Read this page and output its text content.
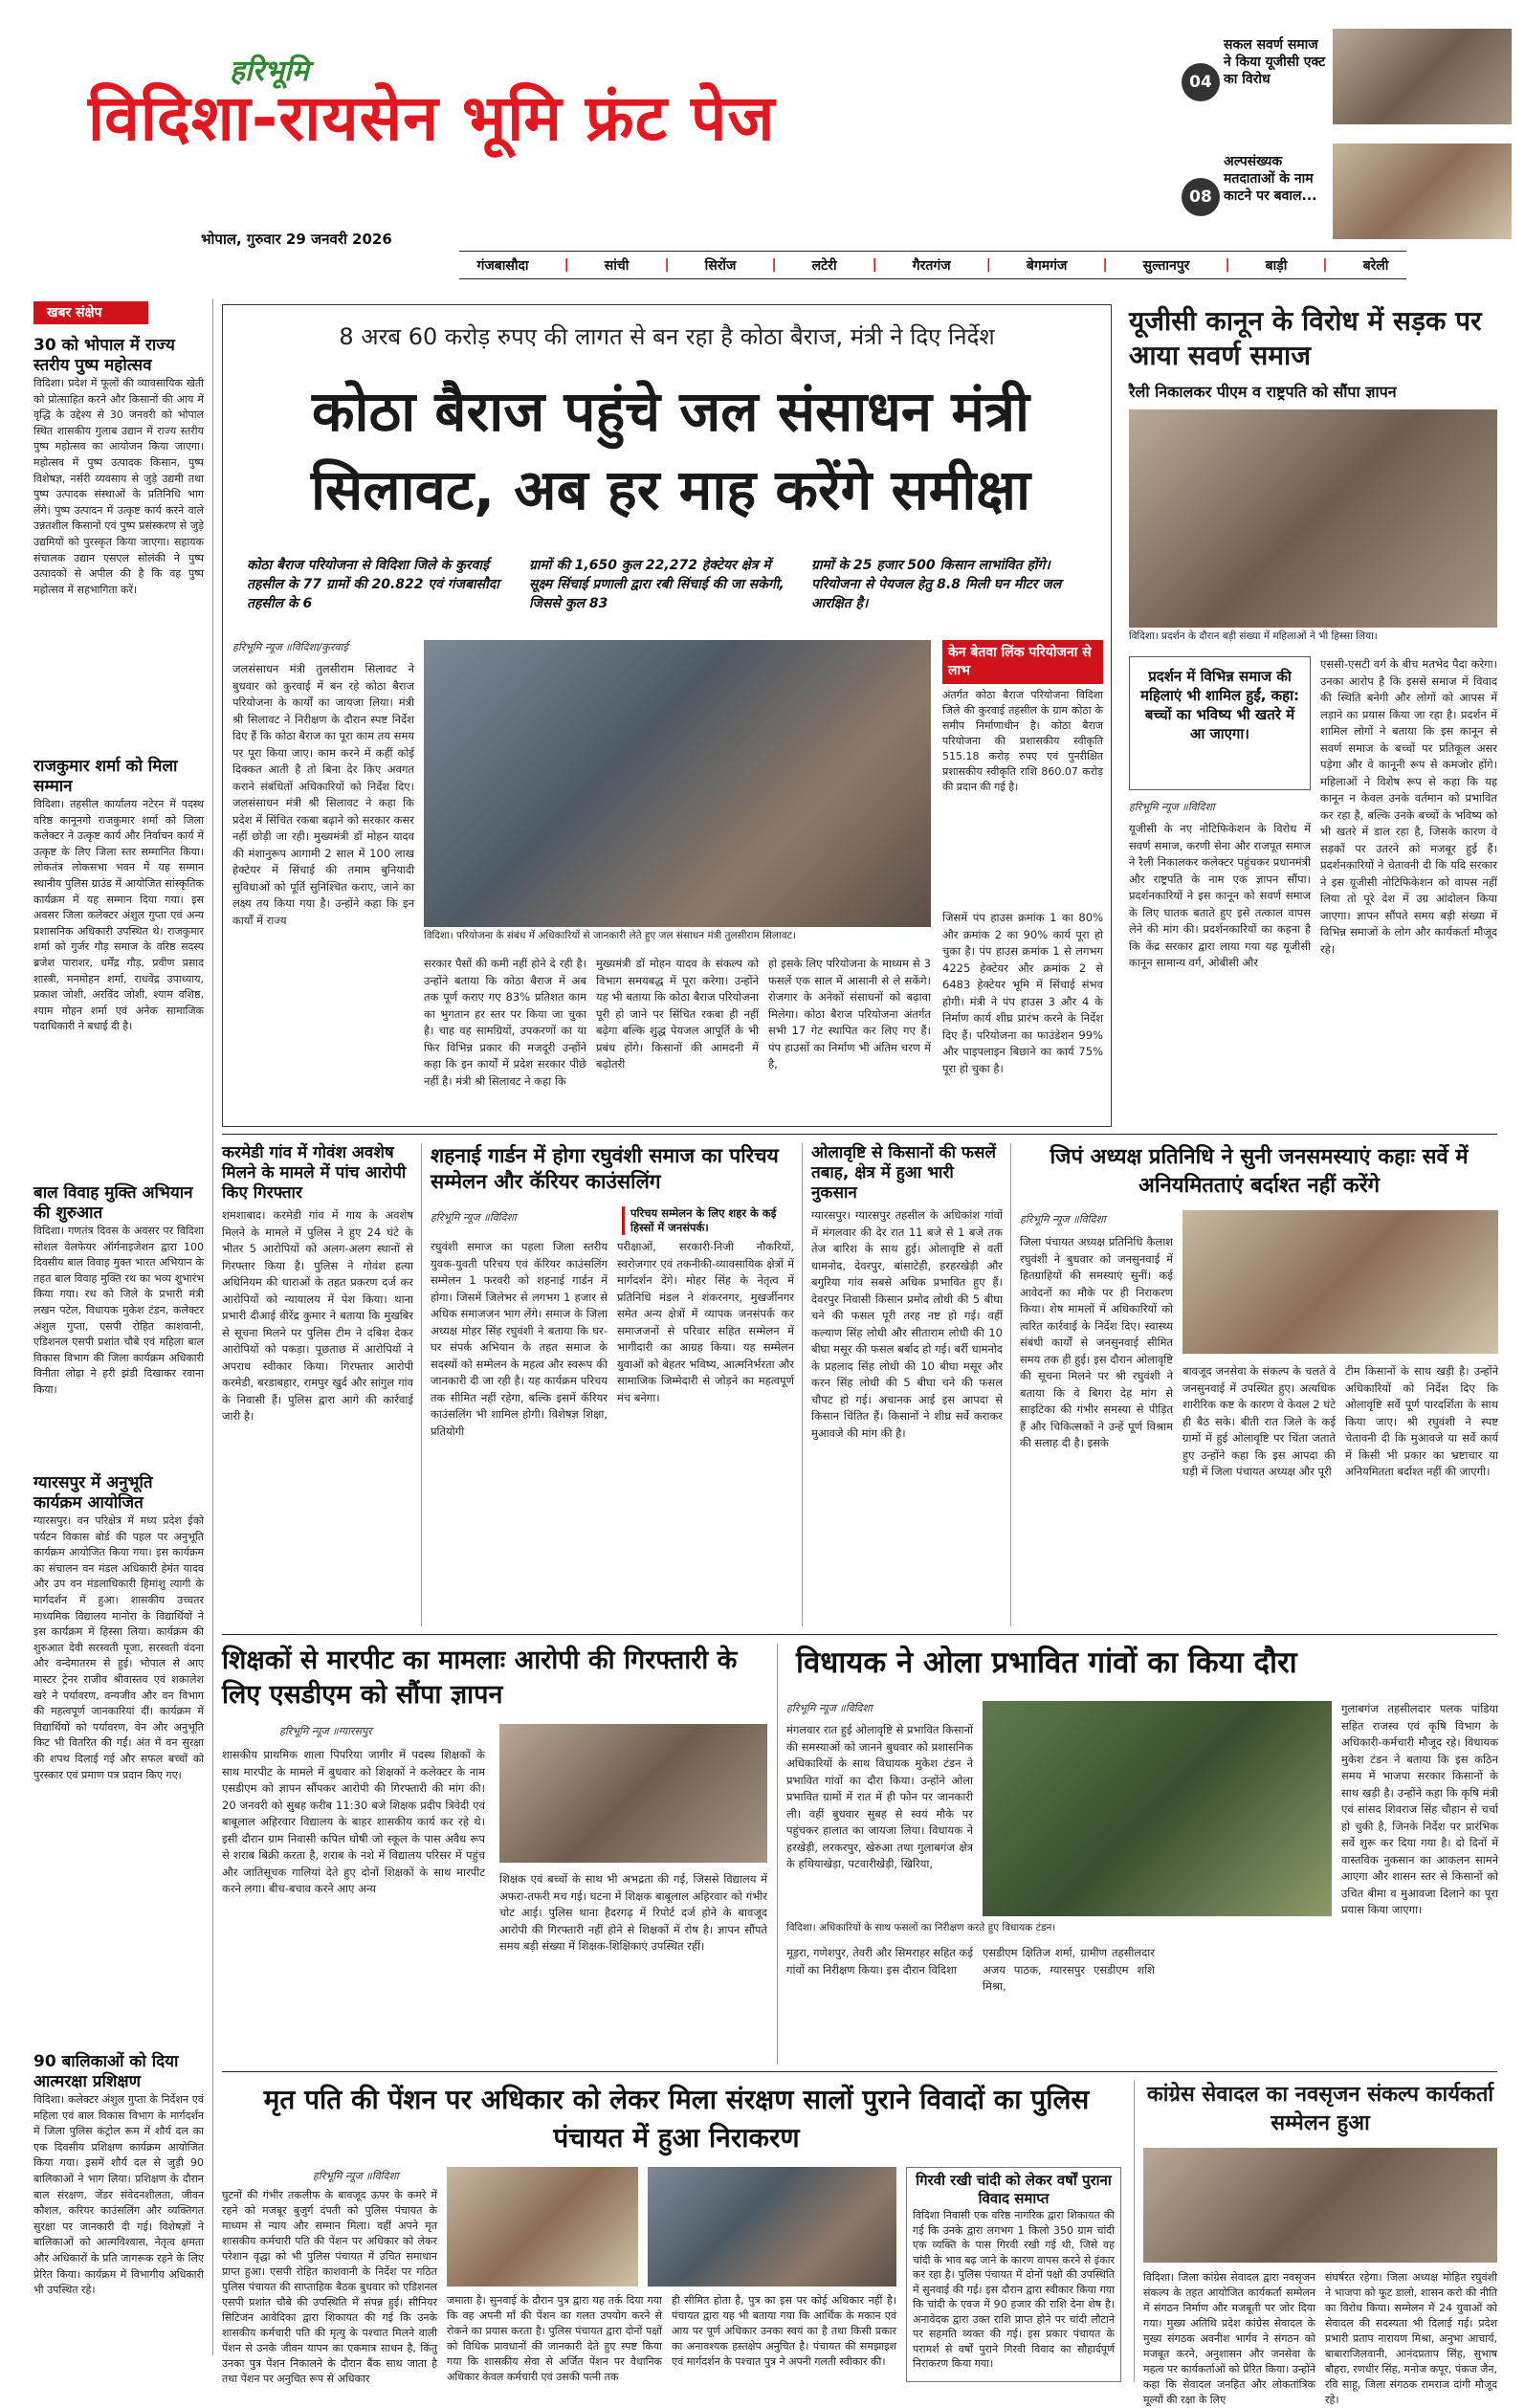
हरिभूमि
विदिशा-रायसेन भूमि फ्रंट पेज
भोपाल, गुरुवार 29 जनवरी 2026
04
सकल सवर्ण समाज ने किया यूजीसी एक्ट का विरोध
08
अल्पसंख्यक मतदाताओं के नाम काटने पर बवाल...
गंजबासौदा	|	सांची	|	सिरोंज	|	लटेरी	|	गैरतगंज	|	बेगमगंज	|	सुल्तानपुर	|	बाड़ी	|	बरेली
खबर संक्षेप
30 को भोपाल में राज्य स्तरीय पुष्प महोत्सव
विदिशा। प्रदेश में फूलों की व्यावसायिक खेती को प्रोत्साहित करने और किसानों की आय में वृद्धि के उद्देश्य से 30 जनवरी को भोपाल स्थित शासकीय गुलाब उद्यान में राज्य स्तरीय पुष्प महोत्सव का आयोजन किया जाएगा। महोत्सव में पुष्प उत्पादक किसान, पुष्प विशेषज्ञ, नर्सरी व्यवसाय से जुड़े उद्यमी तथा पुष्प उत्पादक संस्थाओं के प्रतिनिधि भाग लेंगे। पुष्प उत्पादन में उत्कृष्ट कार्य करने वाले उन्नतशील किसानों एवं पुष्प प्रसंस्करण से जुड़े उद्यमियों को पुरस्कृत किया जाएगा। सहायक संचालक उद्यान एसएल सोलंकी ने पुष्प उत्पादकों से अपील की है कि वह पुष्प महोत्सव में सहभागिता करें।
राजकुमार शर्मा को मिला सम्मान
विदिशा। तहसील कार्यालय नटेरन में पदस्थ वरिष्ठ कानूनगो राजकुमार शर्मा को जिला कलेक्टर ने उत्कृष्ट कार्य और निर्वाचन कार्य में उत्कृष्ट के लिए जिला स्तर सम्मानित किया। लोकतंत्र लोकसभा भवन में यह सम्मान स्थानीय पुलिस ग्राउंड में आयोजित सांस्कृतिक कार्यक्रम में यह सम्मान दिया गया। इस अवसर जिला कलेक्टर अंशुल गुप्ता एवं अन्य प्रशासनिक अधिकारी उपस्थित थे। राजकुमार शर्मा को गुर्जर गौड़ समाज के वरिष्ठ सदस्य ब्रजेश पाराशर, धर्मेंद्र गौड़, प्रवीण प्रसाद शास्त्री, मनमोहन शर्मा, राधवेंद्र उपाध्याय, प्रकाश जोशी, अरविंद जोशी, श्याम वशिष्ठ, श्याम मोहन शर्मा एवं अनेक सामाजिक पदाधिकारी ने बधाई दी है।
बाल विवाह मुक्ति अभियान की शुरुआत
विदिशा। गणतंत्र दिवस के अवसर पर विदिशा सोशल वेलफेयर ऑर्गनाइजेशन द्वारा 100 दिवसीय बाल विवाह मुक्त भारत अभियान के तहत बाल विवाह मुक्ति रथ का भव्य शुभारंभ किया गया। रथ को जिले के प्रभारी मंत्री लखन पटेल, विधायक मुकेश टंडन, कलेक्टर अंशुल गुप्ता, एसपी रोहित काशवानी, एडिशनल एसपी प्रशांत चौबे एवं महिला बाल विकास विभाग की जिला कार्यक्रम अधिकारी विनीता लोढ़ा ने हरी झंडी दिखाकर रवाना किया।
ग्यारसपुर में अनुभूति कार्यक्रम आयोजित
ग्यारसपुर। वन परिक्षेत्र में मध्य प्रदेश ईको पर्यटन विकास बोर्ड की पहल पर अनुभूति कार्यक्रम आयोजित किया गया। इस कार्यक्रम का संचालन वन मंडल अधिकारी हेमंत यादव और उप वन मंडलाधिकारी हिमांशु त्यागी के मार्गदर्शन में हुआ। शासकीय उच्चतर माध्यमिक विद्यालय मानोरा के विद्यार्थियों ने इस कार्यक्रम में हिस्सा लिया। कार्यक्रम की शुरुआत देवी सरस्वती पूजा, सरस्वती वंदना और वन्देमातरम से हुई। भोपाल से आए मास्टर ट्रेनर राजीव श्रीवास्तव एवं शकालेश खरे ने पर्यावरण, वन्यजीव और वन विभाग की महत्वपूर्ण जानकारियां दीं। कार्यक्रम में विद्यार्थियों को पर्यावरण, वेन और अनुभूति किट भी वितरित की गईं। अंत में वन सुरक्षा की शपथ दिलाई गई और सफल बच्चों को पुरस्कार एवं प्रमाण पत्र प्रदान किए गए।
90 बालिकाओं को दिया आत्मरक्षा प्रशिक्षण
विदिशा। कलेक्टर अंशुल गुप्ता के निर्देशन एवं महिला एवं बाल विकास विभाग के मार्गदर्शन में जिला पुलिस कंट्रोल रूम में शौर्य दल का एक दिवसीय प्रशिक्षण कार्यक्रम आयोजित किया गया। इसमें शौर्य दल से जुड़ी 90 बालिकाओं ने भाग लिया। प्रशिक्षण के दौरान बाल संरक्षण, जेंडर संवेदनशीलता, जीवन कौशल, करियर काउंसलिंग और व्यक्तिगत सुरक्षा पर जानकारी दी गई। विशेषज्ञों ने बालिकाओं को आत्मविश्वास, नेतृत्व क्षमता और अधिकारों के प्रति जागरूक रहने के लिए प्रेरित किया। कार्यक्रम में विभागीय अधिकारी भी उपस्थित रहे।
8 अरब 60 करोड़ रुपए की लागत से बन रहा है कोठा बैराज, मंत्री ने दिए निर्देश
कोठा बैराज पहुंचे जल संसाधन मंत्री सिलावट, अब हर माह करेंगे समीक्षा
कोठा बैराज परियोजना से विदिशा जिले के कुरवाई तहसील के 77 ग्रामों की 20.822 एवं गंजबासौदा तहसील के 6
ग्रामों की 1,650 कुल 22,272 हेक्टेयर क्षेत्र में सूक्ष्म सिंचाई प्रणाली द्वारा रबी सिंचाई की जा सकेगी, जिससे कुल 83
ग्रामों के 25 हजार 500 किसान लाभांवित होंगे। परियोजना से पेयजल हेतु 8.8 मिली घन मीटर जल आरक्षित है।
हरिभूमि न्यूज ॥विदिशा/कुरवाई
जलसंसाधन मंत्री तुलसीराम सिलावट ने बुधवार को कुरवाई में बन रहे कोठा बैराज परियोजना के कार्यों का जायजा लिया। मंत्री श्री सिलावट ने निरीक्षण के दौरान स्पष्ट निर्देश दिए हैं कि कोठा बैराज का पूरा काम तय समय पर पूरा किया जाए। काम करने में कहीं कोई दिक्कत आती है तो बिना देर किए अवगत कराने संबंधितों अधिकारियों को निर्देश दिए। जलसंसाधन मंत्री श्री सिलावट ने कहा कि प्रदेश में सिंचित रकबा बढ़ाने को सरकार कसर नहीं छोड़ी जा रही। मुख्यमंत्री डॉ मोहन यादव की मंशानुरूप आगामी 2 साल में 100 लाख हेक्टेयर में सिंचाई की तमाम बुनियादी सुविधाओं को पूर्ति सुनिश्चित कराए, जाने का लक्ष्य तय किया गया है। उन्होंने कहा कि इन कार्यों में राज्य
विदिशा। परियोजना के संबंध में अधिकारियों से जानकारी लेते हुए जल संसाधन मंत्री तुलसीराम सिलावट।
सरकार पैसों की कमी नहीं होने दे रही है। उन्होंने बताया कि कोठा बैराज में अब तक पूर्ण कराए गए 83% प्रतिशत काम का भुगतान हर स्तर पर किया जा चुका है। चाह वह सामग्रियों, उपकरणों का या फिर विभिन्न प्रकार की मजदूरी उन्होंने कहा कि इन कार्यों में प्रदेश सरकार पीछे नहीं है। मंत्री श्री सिलावट ने कहा कि
मुख्यमंत्री डॉ मोहन यादव के संकल्प को विभाग समयबद्ध में पूरा करेगा। उन्होंने यह भी बताया कि कोठा बैराज परियोजना पूरी हो जाने पर सिंचित रकबा ही नहीं बढ़ेगा बल्कि शुद्ध पेयजल आपूर्ति के भी प्रबंध होंगे। किसानों की आमदनी में बढ़ोतरी
हो इसके लिए परियोजना के माध्यम से 3 फसलें एक साल में आसानी से ले सकेंगे। रोजगार के अनेकों संसाधनों को बढ़ावा मिलेगा। कोठा बैराज परियोजना अंतर्गत सभी 17 गेट स्थापित कर लिए गए हैं। पंप हाउसों का निर्माण भी अंतिम चरण में है,
केन बेतवा लिंक परियोजना से लाभ
अंतर्गत कोठा बैराज परियोजना विदिशा जिले की कुरवाई तहसील के ग्राम कोठा के समीप निर्माणाधीन है। कोठा बैराज परियोजना की प्रशासकीय स्वीकृति 515.18 करोड़ रुपए एवं पुनरीक्षित प्रशासकीय स्वीकृति राशि 860.07 करोड़ की प्रदान की गई है।
जिसमें पंप हाउस क्रमांक 1 का 80% और क्रमांक 2 का 90% कार्य पूरा हो चुका है। पंप हाउस क्रमांक 1 से लगभग 4225 हेक्टेयर और क्रमांक 2 से 6483 हेक्टेयर भूमि में सिंचाई संभव होगी। मंत्री ने पंप हाउस 3 और 4 के निर्माण कार्य शीघ्र प्रारंभ करने के निर्देश दिए हैं। परियोजना का फाउंडेशन 99% और पाइपलाइन बिछाने का कार्य 75% पूरा हो चुका है।
यूजीसी कानून के विरोध में सड़क पर आया सवर्ण समाज
रैली निकालकर पीएम व राष्ट्रपति को सौंपा ज्ञापन
विदिशा। प्रदर्शन के दौरान बड़ी संख्या में महिलाओं ने भी हिस्सा लिया।
प्रदर्शन में विभिन्न समाज की महिलाएं भी शामिल हुईं, कहा: बच्चों का भविष्य भी खतरे में आ जाएगा।
हरिभूमि न्यूज ॥विदिशा
यूजीसी के नए नोटिफिकेशन के विरोध में सवर्ण समाज, करणी सेना और राजपूत समाज ने रैली निकालकर कलेक्टर पहुंचकर प्रधानमंत्री और राष्ट्रपति के नाम एक ज्ञापन सौंपा। प्रदर्शनकारियों ने इस कानून को सवर्ण समाज के लिए घातक बताते हुए इसे तत्काल वापस लेने की मांग की। प्रदर्शनकारियों का कहना है कि केंद्र सरकार द्वारा लाया गया यह यूजीसी कानून सामान्य वर्ग, ओबीसी और
एससी-एसटी वर्ग के बीच मतभेद पैदा करेगा। उनका आरोप है कि इससे समाज में विवाद की स्थिति बनेगी और लोगों को आपस में लड़ाने का प्रयास किया जा रहा है। प्रदर्शन में शामिल लोगों ने बताया कि इस कानून से सवर्ण समाज के बच्चों पर प्रतिकूल असर पड़ेगा और वे कानूनी रूप से कमजोर होंगे। महिलाओं ने विशेष रूप से कहा कि यह कानून न केवल उनके वर्तमान को प्रभावित कर रहा है, बल्कि उनके बच्चों के भविष्य को भी खतरे में डाल रहा है, जिसके कारण वे सड़कों पर उतरने को मजबूर हुई हैं। प्रदर्शनकारियों ने चेतावनी दी कि यदि सरकार ने इस यूजीसी नोटिफिकेशन को वापस नहीं लिया तो पूरे देश में उग्र आंदोलन किया जाएगा। ज्ञापन सौंपते समय बड़ी संख्या में विभिन्न समाजों के लोग और कार्यकर्ता मौजूद रहे।
करमेडी गांव में गोवंश अवशेष मिलने के मामले में पांच आरोपी किए गिरफ्तार
शमशाबाद। करमेडी गांव में गाय के अवशेष मिलने के मामले में पुलिस ने हुए 24 घंटे के भीतर 5 आरोपियों को अलग-अलग स्थानों से गिरफ्तार किया है। पुलिस ने गोवंश हत्या अधिनियम की धाराओं के तहत प्रकरण दर्ज कर आरोपियों को न्यायालय में पेश किया। थाना प्रभारी दीआई वीरेंद्र कुमार ने बताया कि मुखबिर से सूचना मिलने पर पुलिस टीम ने दबिश देकर आरोपियों को पकड़ा। पूछताछ में आरोपियों ने अपराध स्वीकार किया। गिरफ्तार आरोपी करमेडी, बरडाबहार, रामपुर खुर्द और सांगुल गांव के निवासी हैं। पुलिस द्वारा आगे की कार्रवाई जारी है।
शहनाई गार्डन में होगा रघुवंशी समाज का परिचय सम्मेलन और कॅरियर काउंसलिंग
हरिभूमि न्यूज ॥विदिशा	परिचय सम्मेलन के लिए शहर के कई हिस्सों में जनसंपर्क।
रघुवंशी समाज का पहला जिला स्तरीय युवक-युवती परिचय एवं कॅरियर काउंसलिंग सम्मेलन 1 फरवरी को शहनाई गार्डन में होगा। जिसमें जिलेभर से लगभग 1 हजार से अधिक समाजजन भाग लेंगे। समाज के जिला अध्यक्ष मोहर सिंह रघुवंशी ने बताया कि घर-घर संपर्क अभियान के तहत समाज के सदस्यों को सम्मेलन के महत्व और स्वरूप की जानकारी दी जा रही है। यह कार्यक्रम परिचय तक सीमित नहीं रहेगा, बल्कि इसमें कॅरियर काउंसलिंग भी शामिल होगी। विशेषज्ञ शिक्षा, प्रतियोगी
परीक्षाओं, सरकारी-निजी नौकरियों, स्वरोजगार एवं तकनीकी-व्यावसायिक क्षेत्रों में मार्गदर्शन देंगे। मोहर सिंह के नेतृत्व में प्रतिनिधि मंडल ने शंकरनगर, मुखर्जीनगर समेत अन्य क्षेत्रों में व्यापक जनसंपर्क कर समाजजनों से परिवार सहित सम्मेलन में भागीदारी का आग्रह किया। यह सम्मेलन युवाओं को बेहतर भविष्य, आत्मनिर्भरता और सामाजिक जिम्मेदारी से जोड़ने का महत्वपूर्ण मंच बनेगा।
ओलावृष्टि से किसानों की फसलें तबाह, क्षेत्र में हुआ भारी नुकसान
ग्यारसपुर। ग्यारसपुर तहसील के अधिकांश गांवों में मंगलवार की देर रात 11 बजे से 1 बजे तक तेज बारिश के साथ हुई। ओलावृष्टि से वर्ती धामनोद, देवरपुर, बांसाटेही, हरहरखेड़ी और बगुरिया गांव सबसे अधिक प्रभावित हुए हैं। देवरपुर निवासी किसान प्रमोद लोधी की 5 बीघा चने की फसल पूरी तरह नष्ट हो गई। वहीं कल्याण सिंह लोधी और सीताराम लोधी की 10 बीघा मसूर की फसल बर्बाद हो गई। बर्री धामनोद के प्रहलाद सिंह लोधी की 10 बीघा मसूर और करन सिंह लोधी की 5 बीघा चने की फसल चौपट हो गई। अचानक आई इस आपदा से किसान चिंतित हैं। किसानों ने शीघ्र सर्वे कराकर मुआवजे की मांग की है।
जिपं अध्यक्ष प्रतिनिधि ने सुनी जनसमस्याएं कहाः सर्वे में अनियमितताएं बर्दाश्त नहीं करेंगे
हरिभूमि न्यूज ॥विदिशा
जिला पंचायत अध्यक्ष प्रतिनिधि कैलाश रघुवंशी ने बुधवार को जनसुनवाई में हितग्राहियों की समस्याएं सुनीं। कई आवेदनों का मौके पर ही निराकरण किया। शेष मामलों में अधिकारियों को त्वरित कार्रवाई के निर्देश दिए। स्वास्थ्य संबंधी कार्यों से जनसुनवाई सीमित समय तक ही हुई। इस दौरान ओलावृष्टि की सूचना मिलने पर श्री रघुवंशी ने बताया कि वे बिगरा देह मांग से साइटिका की गंभीर समस्या से पीड़ित हैं और चिकित्सकों ने उन्हें पूर्ण विश्राम की सलाह दी है। इसके
बावजूद जनसेवा के संकल्प के चलते वे जनसुनवाई में उपस्थित हुए। अत्यधिक शारीरिक कष्ट के कारण वे केवल 2 घंटे ही बैठ सके। बीती रात जिले के कई ग्रामों में हुई ओलावृष्टि पर चिंता जताते हुए उन्होंने कहा कि इस आपदा की घड़ी में जिला पंचायत अध्यक्ष और पूरी
टीम किसानों के साथ खड़ी है। उन्होंने अधिकारियों को निर्देश दिए कि ओलावृष्टि सर्वे पूर्ण पारदर्शिता के साथ किया जाए। श्री रघुवंशी ने स्पष्ट चेतावनी दी कि मुआवजे या सर्वे कार्य में किसी भी प्रकार का भ्रष्टाचार या अनियमितता बर्दाश्त नहीं की जाएगी।
शिक्षकों से मारपीट का मामलाः आरोपी की गिरफ्तारी के लिए एसडीएम को सौंपा ज्ञापन
हरिभूमि न्यूज ॥ग्यारसपुर
शासकीय प्राथमिक शाला पिपरिया जागीर में पदस्थ शिक्षकों के साथ मारपीट के मामले में बुधवार को शिक्षकों ने कलेक्टर के नाम एसडीएम को ज्ञापन सौंपकर आरोपी की गिरफ्तारी की मांग की। 20 जनवरी को सुबह करीब 11:30 बजे शिक्षक प्रदीप त्रिवेदी एवं बाबूलाल अहिरवार विद्यालय के बाहर शासकीय कार्य कर रहे थे। इसी दौरान ग्राम निवासी कपिल घोषी जो स्कूल के पास अवैध रूप से शराब बिक्री करता है, शराब के नशे में विद्यालय परिसर में पहुंच और जातिसूचक गालियां देते हुए दोनों शिक्षकों के साथ मारपीट करने लगा। बीच-बचाव करने आए अन्य
शिक्षक एवं बच्चों के साथ भी अभद्रता की गई, जिससे विद्यालय में अफरा-तफरी मच गई। घटना में शिक्षक बाबूलाल अहिरवार को गंभीर चोट आई। पुलिस थाना हैदरगढ़ में रिपोर्ट दर्ज होने के बावजूद आरोपी की गिरफ्तारी नहीं होने से शिक्षकों में रोष है। ज्ञापन सौंपते समय बड़ी संख्या में शिक्षक-शिक्षिकाएं उपस्थित रहीं।
विधायक ने ओला प्रभावित गांवों का किया दौरा
हरिभूमि न्यूज ॥विदिशा
मंगलवार रात हुई ओलावृष्टि से प्रभावित किसानों की समस्याओं को जानने बुधवार को प्रशासनिक अधिकारियों के साथ विधायक मुकेश टंडन ने प्रभावित गांवों का दौरा किया। उन्होंने ओला प्रभावित ग्रामों में रात में ही फोन पर जानकारी ली। वहीं बुधवार सुबह से स्वयं मौके पर पहुंचकर हालात का जायजा लिया। विधायक ने हरखेड़ी, लरकरपुर, खेरुआ तथा गुलाबगंज क्षेत्र के हथियाखेड़ा, पटवारीखेड़ी, खिरिया,
विदिशा। अधिकारियों के साथ फसलों का निरीक्षण करते हुए विधायक टंडन।
मूड़रा, गणेशपुर, तेवरी और सिमराहर सहित कई गांवों का निरीक्षण किया। इस दौरान विदिशा
एसडीएम क्षितिज शर्मा, ग्रामीण तहसीलदार अजय पाठक, ग्यारसपुर एसडीएम शशि मिश्रा,
गुलाबगंज तहसीलदार पलक पांडिया सहित राजस्व एवं कृषि विभाग के अधिकारी-कर्मचारी मौजूद रहे। विधायक मुकेश टंडन ने बताया कि इस कठिन समय में भाजपा सरकार किसानों के साथ खड़ी है। उन्होंने कहा कि कृषि मंत्री एवं सांसद शिवराज सिंह चौहान से चर्चा हो चुकी है, जिनके निर्देश पर प्रारंभिक सर्वे शुरू कर दिया गया है। दो दिनों में वास्तविक नुकसान का आकलन सामने आएगा और शासन स्तर से किसानों को उचित बीमा व मुआवजा दिलाने का पूरा प्रयास किया जाएगा।
मृत पति की पेंशन पर अधिकार को लेकर मिला संरक्षण सालों पुराने विवादों का पुलिस पंचायत में हुआ निराकरण
हरिभूमि न्यूज ॥विदिशा
घुटनों की गंभीर तकलीफ के बावजूद ऊपर के कमरे में रहने को मजबूर बुजुर्ग दंपती को पुलिस पंचायत के माध्यम से न्याय और सम्मान मिला। वहीं अपने मृत शासकीय कर्मचारी पति की पेंशन पर अधिकार को लेकर परेशान वृद्धा को भी पुलिस पंचायत में उचित समाधान प्राप्त हुआ। एसपी रोहित काशवानी के निर्देश पर गठित पुलिस पंचायत की साप्ताहिक बैठक बुधवार को एडिशनल एसपी प्रशांत चौबे की उपस्थिति में संपन्न हुई। सीनियर सिटिजन आवेदिका द्वारा शिकायत की गई कि उनके शासकीय कर्मचारी पति की मृत्यु के पश्चात मिलने वाली पेंशन से उनके जीवन यापन का एकमात्र साधन है, किंतु उनका पुत्र पेंशन निकालने के दौरान बैंक साथ जाता है तथा पेंशन पर अनुचित रूप से अधिकार
जमाता है। सुनवाई के दौरान पुत्र द्वारा यह तर्क दिया गया कि वह अपनी माँ की पेंशन का गलत उपयोग करने से रोकने का प्रयास करता है। पुलिस पंचायत द्वारा दोनों पक्षों को विधिक प्रावधानों की जानकारी देते हुए स्पष्ट किया गया कि शासकीय सेवा से अर्जित पेंशन पर वैधानिक अधिकार केवल कर्मचारी एवं उसकी पत्नी तक
ही सीमित होता है, पुत्र का इस पर कोई अधिकार नहीं है। पंचायत द्वारा यह भी बताया गया कि आर्थिक के मकान एवं आय पर पूर्ण अधिकार उनका स्वयं का है तथा किसी प्रकार का अनावश्यक हस्तक्षेप अनुचित है। पंचायत की समझाइश एवं मार्गदर्शन के पश्चात पुत्र ने अपनी गलती स्वीकार की।
गिरवी रखी चांदी को लेकर वर्षों पुराना विवाद समाप्त
विदिशा निवासी एक वरिष्ठ नागरिक द्वारा शिकायत की गई कि उनके द्वारा लगभग 1 किलो 350 ग्राम चांदी एक व्यक्ति के पास गिरवी रखी गई थी, जिसे वह चांदी के भाव बढ़ जाने के कारण वापस करने से इंकार कर रहा है। पुलिस पंचायत में दोनों पक्षों की उपस्थिति में सुनवाई की गई। इस दौरान द्वारा स्वीकार किया गया कि चांदी के एवज में 90 हजार की राशि देना शेष है। अनावेदक द्वारा उक्त राशि प्राप्त होने पर चांदी लौटाने पर सहमति व्यक्त की गई। इस प्रकार पंचायत के परामर्श से वर्षों पुराने गिरवी विवाद का सौहार्दपूर्ण निराकरण किया गया।
कांग्रेस सेवादल का नवसृजन संकल्प कार्यकर्ता सम्मेलन हुआ
विदिशा। जिला कांग्रेस सेवादल द्वारा नवसृजन संकल्प के तहत आयोजित कार्यकर्ता सम्मेलन में संगठन निर्माण और मजबूती पर जोर दिया गया। मुख्य अतिथि प्रदेश कांग्रेस सेवादल के मुख्य संगठक अवनीश भार्गव ने संगठन को मजबूत करने, अनुशासन और जनसेवा के महत्व पर कार्यकर्ताओं को प्रेरित किया। उन्होंने कहा कि सेवादल जनहित और लोकतांत्रिक मूल्यों की रक्षा के लिए
संघर्षरत रहेगा। जिला अध्यक्ष मोहित रघुवंशी ने भाजपा को फूट डालो, शासन करो की नीति का विरोध किया। सम्मेलन में 24 युवाओं को सेवादल की सदस्यता भी दिलाई गई। प्रदेश प्रभारी प्रताप नारायण मिश्रा, अनुभा आचार्य, बाबाराजिलवानी, आनंदप्रताप सिंह, सुभाष बौहरा, रणधीर सिंह, मनोज कपूर, पंकज जैन, रवि साहू, जिला संगठक रामराज दांगी मौजूद रहे।
